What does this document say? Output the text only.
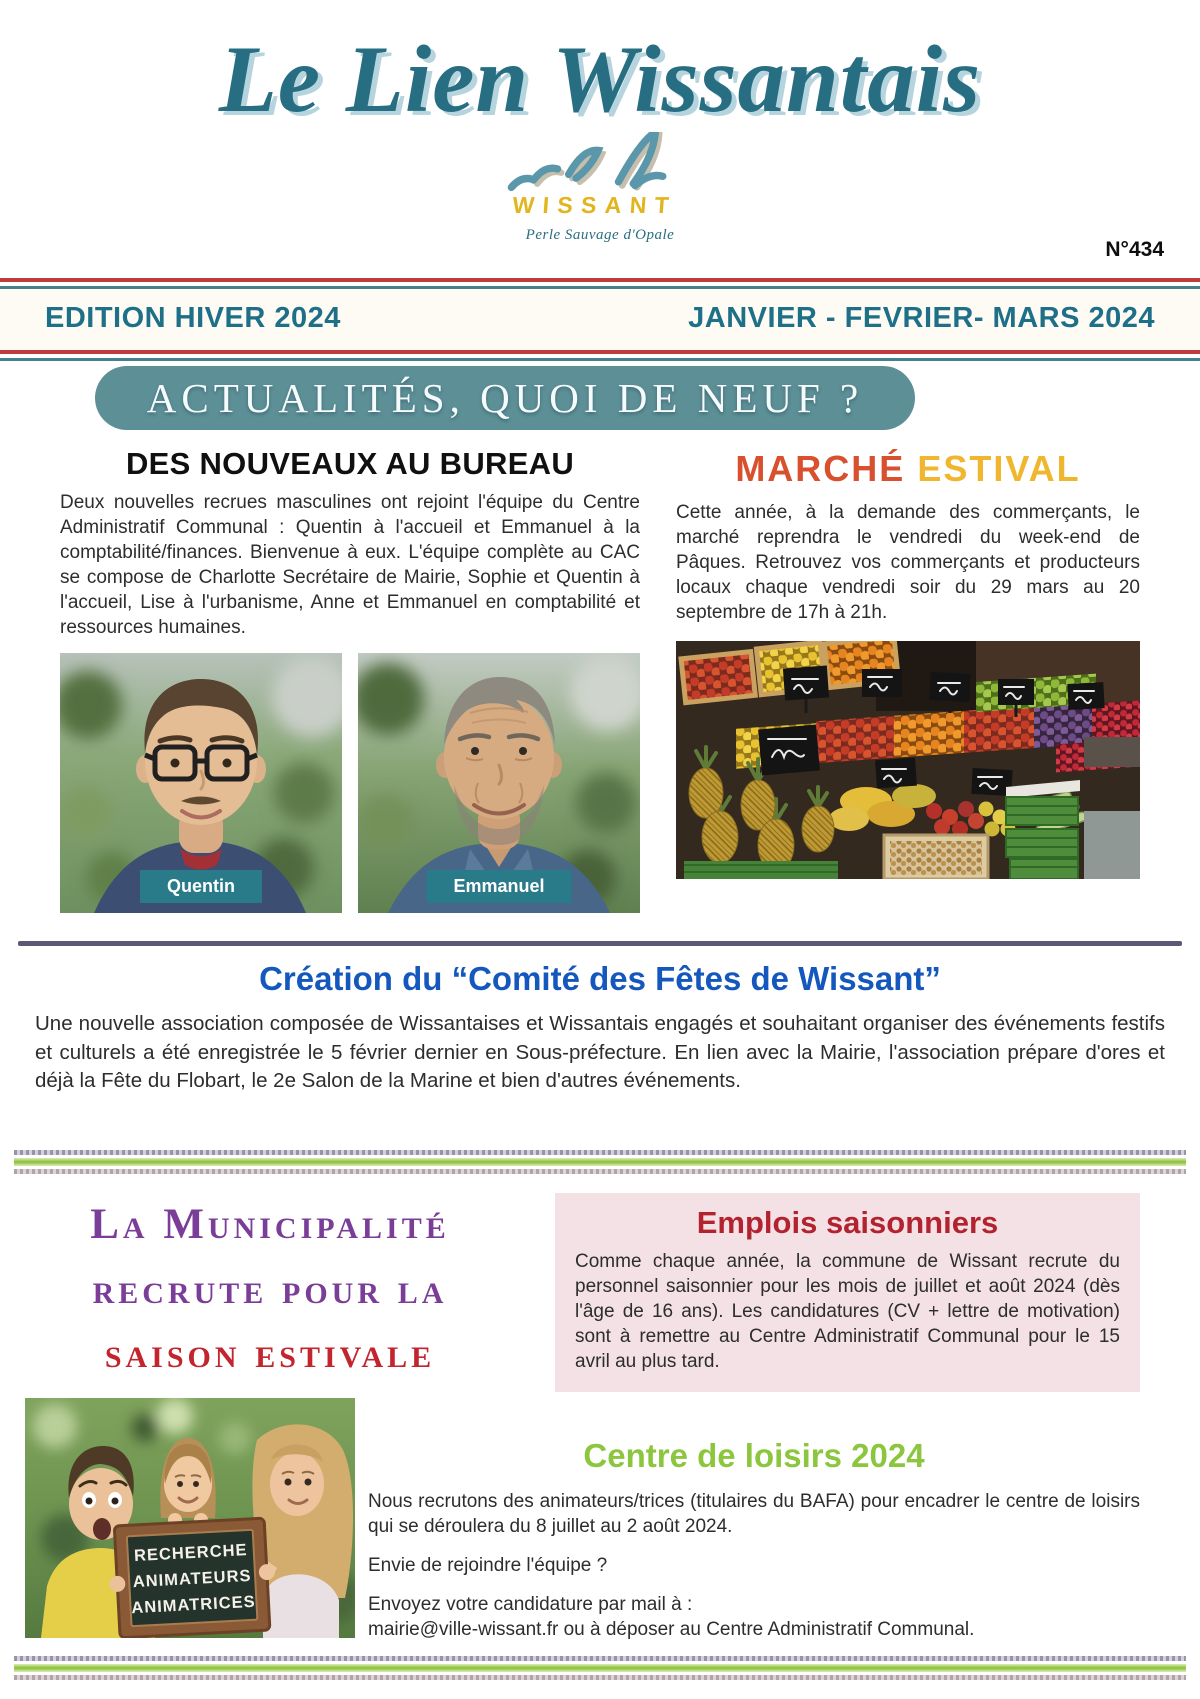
Le Lien Wissantais
WISSANT
Perle Sauvage d'Opale
N°434
EDITION HIVER 2024	JANVIER - FEVRIER- MARS 2024
ACTUALITÉS, QUOI DE NEUF ?
DES NOUVEAUX AU BUREAU

Deux nouvelles recrues masculines ont rejoint l'équipe du Centre Administratif Communal : Quentin à l'accueil et Emmanuel à la comptabilité/finances. Bienvenue à eux. L'équipe complète au CAC se compose de Charlotte Secrétaire de Mairie, Sophie et Quentin à l'accueil, Lise à l'urbanisme, Anne et Emmanuel en comptabilité et ressources humaines.

Quentin	Emmanuel
MARCHÉ ESTIVAL

Cette année, à la demande des commerçants, le marché reprendra le vendredi du week-end de Pâques. Retrouvez vos commerçants et producteurs locaux chaque vendredi soir du 29 mars au 20 septembre de 17h à 21h.

Création du “Comité des Fêtes de Wissant”

Une nouvelle association composée de Wissantaises et Wissantais engagés et souhaitant organiser des événements festifs et culturels a été enregistrée le 5 février dernier en Sous-préfecture. En lien avec la Mairie, l'association prépare d'ores et déjà la Fête du Flobart, le 2e Salon de la Marine et bien d'autres événements.

La Municipalité
recrute pour la
saison estivale
RECHERCHE
ANIMATEURS
ANIMATRICES
Emplois saisonniers

Comme chaque année, la commune de Wissant recrute du personnel saisonnier pour les mois de juillet et août 2024 (dès l'âge de 16 ans). Les candidatures (CV + lettre de motivation) sont à remettre au Centre Administratif Communal pour le 15 avril au plus tard.

Centre de loisirs 2024

Nous recrutons des animateurs/trices (titulaires du BAFA) pour encadrer le centre de loisirs qui se déroulera du 8 juillet au 2 août 2024.

Envie de rejoindre l'équipe ?

Envoyez votre candidature par mail à :
mairie@ville-wissant.fr ou à déposer au Centre Administratif Communal.
